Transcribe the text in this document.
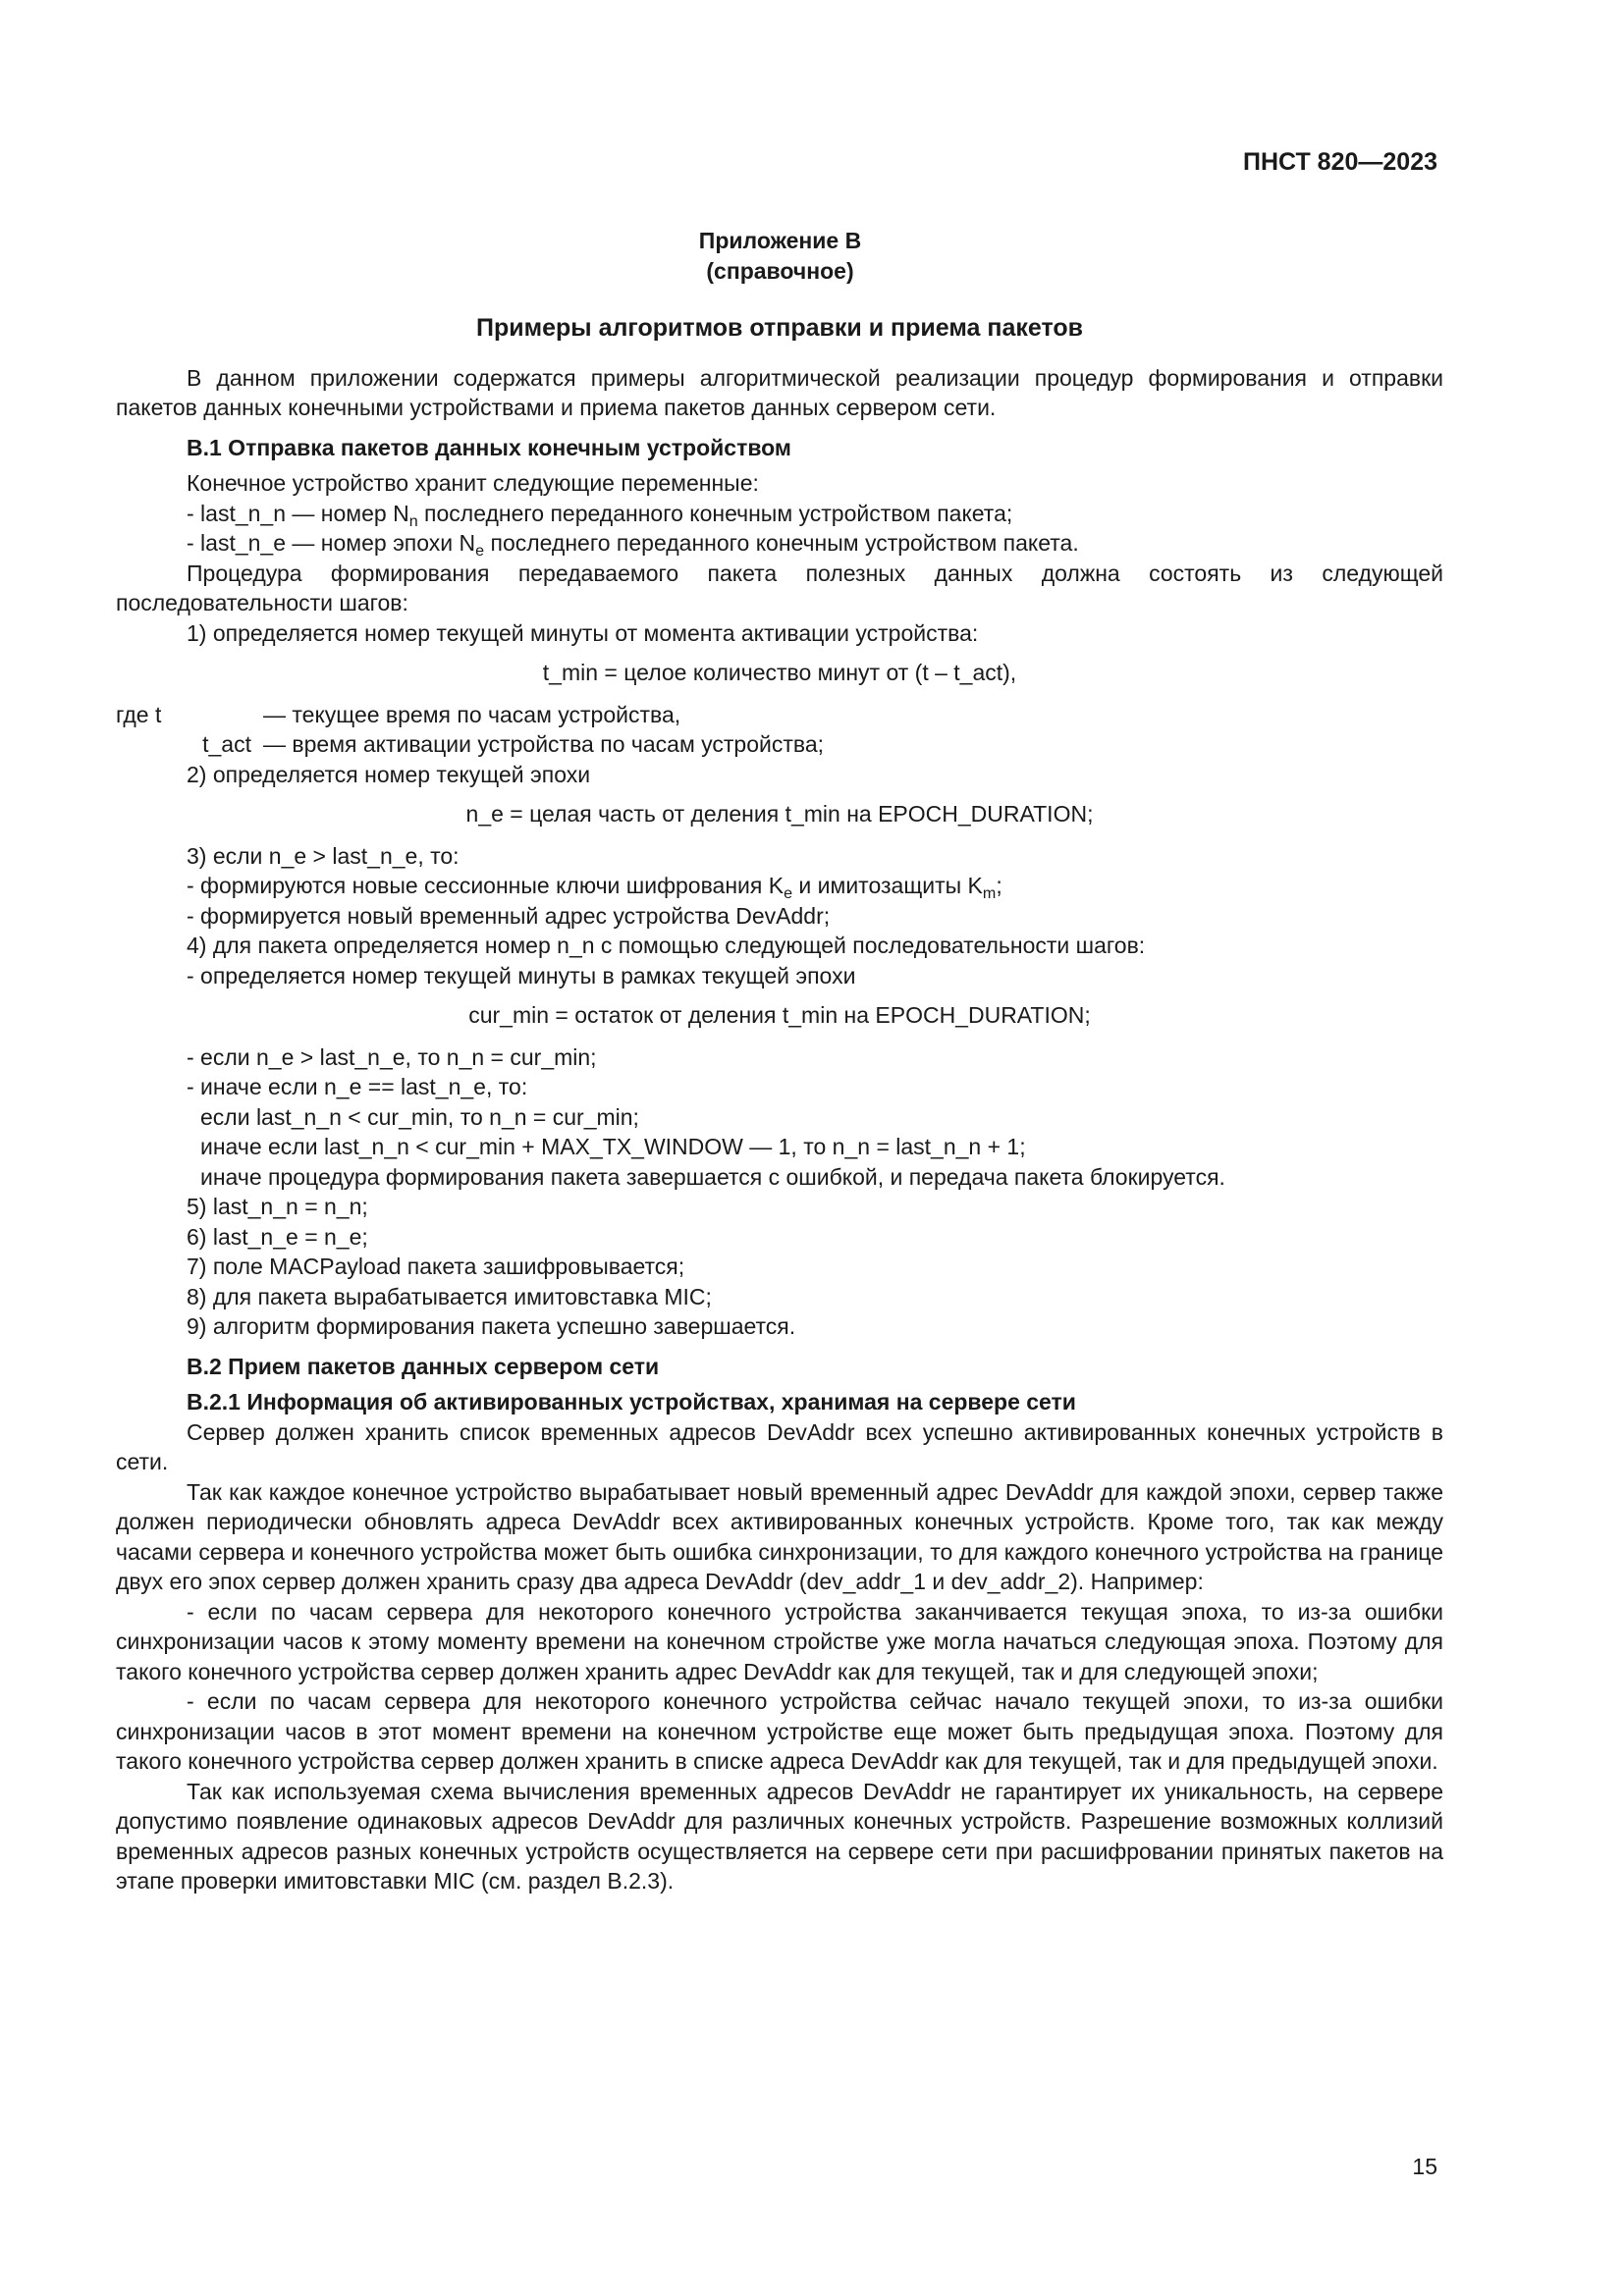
ПНСТ 820—2023
Приложение В
(справочное)
Примеры алгоритмов отправки и приема пакетов

В данном приложении содержатся примеры алгоритмической реализации процедур формирования и отправки пакетов данных конечными устройствами и приема пакетов данных сервером сети.

В.1 Отправка пакетов данных конечным устройством

Конечное устройство хранит следующие переменные:

- last_n_n — номер $N_n$ последнего переданного конечным устройством пакета;

- last_n_e — номер эпохи $N_e$ последнего переданного конечным устройством пакета.

Процедура формирования передаваемого пакета полезных данных должна состоять из следующей последовательности шагов:

1) определяется номер текущей минуты от момента активации устройства:

t_min = целое количество минут от (t – t_act),
где t	— текущее время по часам устройства,
t_act — время активации устройства по часам устройства;

2) определяется номер текущей эпохи

n_e = целая часть от деления t_min на EPOCH_DURATION;

3) если n_e > last_n_e, то:

- формируются новые сессионные ключи шифрования $K_e$ и имитозащиты $K_m$;

- формируется новый временный адрес устройства DevAddr;

4) для пакета определяется номер n_n с помощью следующей последовательности шагов:

- определяется номер текущей минуты в рамках текущей эпохи

cur_min = остаток от деления t_min на EPOCH_DURATION;

- если n_e > last_n_e, то n_n = cur_min;

- иначе если n_e == last_n_e, то:

если last_n_n < cur_min, то n_n = cur_min;

иначе если last_n_n < cur_min + MAX_TX_WINDOW — 1, то n_n = last_n_n + 1;

иначе процедура формирования пакета завершается с ошибкой, и передача пакета блокируется.

5) last_n_n = n_n;

6) last_n_e = n_e;

7) поле MACPayload пакета зашифровывается;

8) для пакета вырабатывается имитовставка MIC;

9) алгоритм формирования пакета успешно завершается.

В.2 Прием пакетов данных сервером сети
В.2.1 Информация об активированных устройствах, хранимая на сервере сети

Сервер должен хранить список временных адресов DevAddr всех успешно активированных конечных устройств в сети.

Так как каждое конечное устройство вырабатывает новый временный адрес DevAddr для каждой эпохи, сервер также должен периодически обновлять адреса DevAddr всех активированных конечных устройств. Кроме того, так как между часами сервера и конечного устройства может быть ошибка синхронизации, то для каждого конечного устройства на границе двух его эпох сервер должен хранить сразу два адреса DevAddr (dev_addr_1 и dev_addr_2). Например:

- если по часам сервера для некоторого конечного устройства заканчивается текущая эпоха, то из-за ошибки синхронизации часов к этому моменту времени на конечном стройстве уже могла начаться следующая эпоха. Поэтому для такого конечного устройства сервер должен хранить адрес DevAddr как для текущей, так и для следующей эпохи;

- если по часам сервера для некоторого конечного устройства сейчас начало текущей эпохи, то из-за ошибки синхронизации часов в этот момент времени на конечном устройстве еще может быть предыдущая эпоха. Поэтому для такого конечного устройства сервер должен хранить в списке адреса DevAddr как для текущей, так и для предыдущей эпохи.

Так как используемая схема вычисления временных адресов DevAddr не гарантирует их уникальность, на сервере допустимо появление одинаковых адресов DevAddr для различных конечных устройств. Разрешение возможных коллизий временных адресов разных конечных устройств осуществляется на сервере сети при расшифровании принятых пакетов на этапе проверки имитовставки MIC (см. раздел В.2.3).

15
